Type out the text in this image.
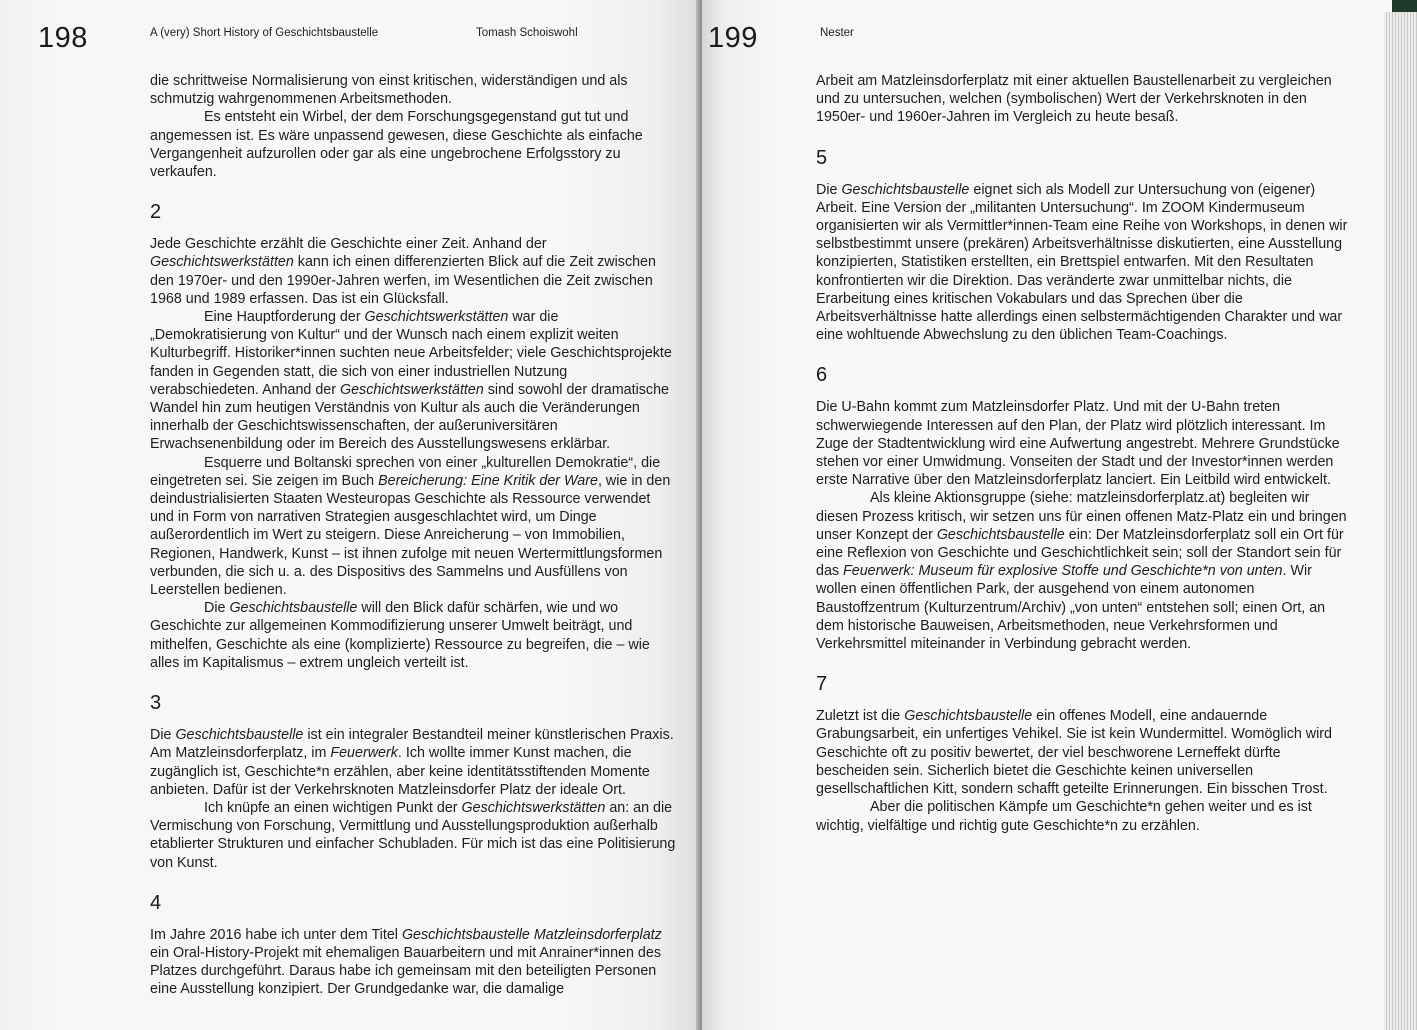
198	A (very) Short History of Geschichtsbaustelle	Tomash Schoiswohl

die schrittweise Normalisierung von einst kritischen, widerständigen und als schmutzig wahrgenommenen Arbeitsmethoden.

Es entsteht ein Wirbel, der dem Forschungsgegenstand gut tut und angemessen ist. Es wäre unpassend gewesen, diese Geschichte als einfache Vergangenheit aufzurollen oder gar als eine ungebrochene Erfolgsstory zu verkaufen.

2

Jede Geschichte erzählt die Geschichte einer Zeit. Anhand der Geschichtswerkstätten kann ich einen differenzierten Blick auf die Zeit zwischen den 1970er- und den 1990er-Jahren werfen, im Wesentlichen die Zeit zwischen 1968 und 1989 erfassen. Das ist ein Glücksfall.

Eine Hauptforderung der Geschichtswerkstätten war die „Demokratisierung von Kultur“ und der Wunsch nach einem explizit weiten Kulturbegriff. Historiker*innen suchten neue Arbeitsfelder; viele Geschichtsprojekte fanden in Gegenden statt, die sich von einer industriellen Nutzung verabschiedeten. Anhand der Geschichtswerkstätten sind sowohl der dramatische Wandel hin zum heutigen Verständnis von Kultur als auch die Veränderungen innerhalb der Geschichtswissenschaften, der außeruniversitären Erwachsenenbildung oder im Bereich des Ausstellungswesens erklärbar.

Esquerre und Boltanski sprechen von einer „kulturellen Demokratie“, die eingetreten sei. Sie zeigen im Buch Bereicherung: Eine Kritik der Ware, wie in den deindustrialisierten Staaten Westeuropas Geschichte als Ressource verwendet und in Form von narrativen Strategien ausgeschlachtet wird, um Dinge außerordentlich im Wert zu steigern. Diese Anreicherung – von Immobilien, Regionen, Handwerk, Kunst – ist ihnen zufolge mit neuen Wertermittlungsformen verbunden, die sich u. a. des Dispositivs des Sammelns und Ausfüllens von Leerstellen bedienen.

Die Geschichtsbaustelle will den Blick dafür schärfen, wie und wo Geschichte zur allgemeinen Kommodifizierung unserer Umwelt beiträgt, und mithelfen, Geschichte als eine (komplizierte) Ressource zu begreifen, die – wie alles im Kapitalismus – extrem ungleich verteilt ist.

3

Die Geschichtsbaustelle ist ein integraler Bestandteil meiner künstlerischen Praxis. Am Matzleinsdorferplatz, im Feuerwerk. Ich wollte immer Kunst machen, die zugänglich ist, Geschichte*n erzählen, aber keine identitätsstiftenden Momente anbieten. Dafür ist der Verkehrsknoten Matzleinsdorfer Platz der ideale Ort.

Ich knüpfe an einen wichtigen Punkt der Geschichtswerkstätten an: an die Vermischung von Forschung, Vermittlung und Ausstellungsproduktion außerhalb etablierter Strukturen und einfacher Schubladen. Für mich ist das eine Politisierung von Kunst.

4

Im Jahre 2016 habe ich unter dem Titel Geschichtsbaustelle Matzleinsdorferplatz ein Oral-History-Projekt mit ehemaligen Bauarbeitern und mit Anrainer*innen des Platzes durchgeführt. Daraus habe ich gemeinsam mit den beteiligten Personen eine Ausstellung konzipiert. Der Grundgedanke war, die damalige

199	Nester

Arbeit am Matzleinsdorferplatz mit einer aktuellen Baustellenarbeit zu vergleichen und zu untersuchen, welchen (symbolischen) Wert der Verkehrsknoten in den 1950er- und 1960er-Jahren im Vergleich zu heute besaß.

5

Die Geschichtsbaustelle eignet sich als Modell zur Untersuchung von (eigener) Arbeit. Eine Version der „militanten Untersuchung“. Im ZOOM Kindermuseum organisierten wir als Vermittler*innen-Team eine Reihe von Workshops, in denen wir selbstbestimmt unsere (prekären) Arbeitsverhältnisse diskutierten, eine Ausstellung konzipierten, Statistiken erstellten, ein Brettspiel entwarfen. Mit den Resultaten konfrontierten wir die Direktion. Das veränderte zwar unmittelbar nichts, die Erarbeitung eines kritischen Vokabulars und das Sprechen über die Arbeitsverhältnisse hatte allerdings einen selbstermächtigenden Charakter und war eine wohltuende Abwechslung zu den üblichen Team-Coachings.

6

Die U-Bahn kommt zum Matzleinsdorfer Platz. Und mit der U-Bahn treten schwerwiegende Interessen auf den Plan, der Platz wird plötzlich interessant. Im Zuge der Stadtentwicklung wird eine Aufwertung angestrebt. Mehrere Grundstücke stehen vor einer Umwidmung. Vonseiten der Stadt und der Investor*innen werden erste Narrative über den Matzleinsdorferplatz lanciert. Ein Leitbild wird entwickelt.

Als kleine Aktionsgruppe (siehe: matzleinsdorferplatz.at) begleiten wir diesen Prozess kritisch, wir setzen uns für einen offenen Matz-Platz ein und bringen unser Konzept der Geschichtsbaustelle ein: Der Matzleinsdorferplatz soll ein Ort für eine Reflexion von Geschichte und Geschichtlichkeit sein; soll der Standort sein für das Feuerwerk: Museum für explosive Stoffe und Geschichte*n von unten. Wir wollen einen öffentlichen Park, der ausgehend von einem autonomen Baustoffzentrum (Kulturzentrum/Archiv) „von unten“ entstehen soll; einen Ort, an dem historische Bauweisen, Arbeitsmethoden, neue Verkehrsformen und Verkehrsmittel miteinander in Verbindung gebracht werden.

7

Zuletzt ist die Geschichtsbaustelle ein offenes Modell, eine andauernde Grabungsarbeit, ein unfertiges Vehikel. Sie ist kein Wundermittel. Womöglich wird Geschichte oft zu positiv bewertet, der viel beschworene Lerneffekt dürfte bescheiden sein. Sicherlich bietet die Geschichte keinen universellen gesellschaftlichen Kitt, sondern schafft geteilte Erinnerungen. Ein bisschen Trost.

Aber die politischen Kämpfe um Geschichte*n gehen weiter und es ist wichtig, vielfältige und richtig gute Geschichte*n zu erzählen.
